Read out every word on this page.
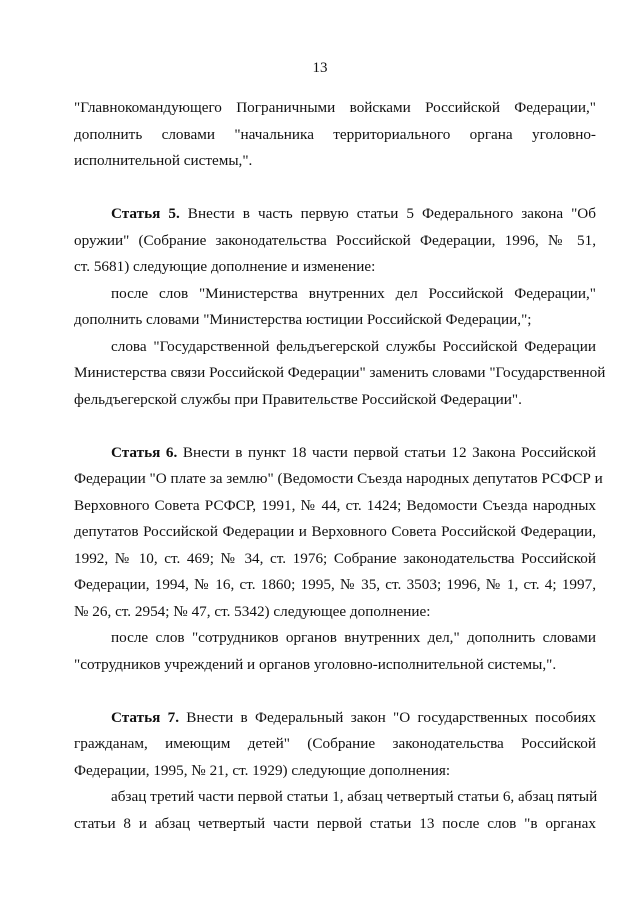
13
"Главнокомандующего Пограничными войсками Российской Федерации,"
дополнить словами "начальника территориального органа уголовно-
исполнительной системы,".
Статья 5. Внести в часть первую статьи 5 Федерального закона "Об
оружии" (Собрание законодательства Российской Федерации, 1996, № 51,
ст. 5681) следующие дополнение и изменение:
после слов "Министерства внутренних дел Российской Федерации,"
дополнить словами "Министерства юстиции Российской Федерации,";
слова "Государственной фельдъегерской службы Российской Федерации
Министерства связи Российской Федерации" заменить словами "Государственной
фельдъегерской службы при Правительстве Российской Федерации".
Статья 6. Внести в пункт 18 части первой статьи 12 Закона Российской
Федерации "О плате за землю" (Ведомости Съезда народных депутатов РСФСР и
Верховного Совета РСФСР, 1991, № 44, ст. 1424; Ведомости Съезда народных
депутатов Российской Федерации и Верховного Совета Российской Федерации,
1992, № 10, ст. 469; № 34, ст. 1976; Собрание законодательства Российской
Федерации, 1994, № 16, ст. 1860; 1995, № 35, ст. 3503; 1996, № 1, ст. 4; 1997,
№ 26, ст. 2954; № 47, ст. 5342) следующее дополнение:
после слов "сотрудников органов внутренних дел," дополнить словами
"сотрудников учреждений и органов уголовно-исполнительной системы,".
Статья 7. Внести в Федеральный закон "О государственных пособиях
гражданам, имеющим детей" (Собрание законодательства Российской
Федерации, 1995, № 21, ст. 1929) следующие дополнения:
абзац третий части первой статьи 1, абзац четвертый статьи 6, абзац пятый
статьи 8 и абзац четвертый части первой статьи 13 после слов "в органах
